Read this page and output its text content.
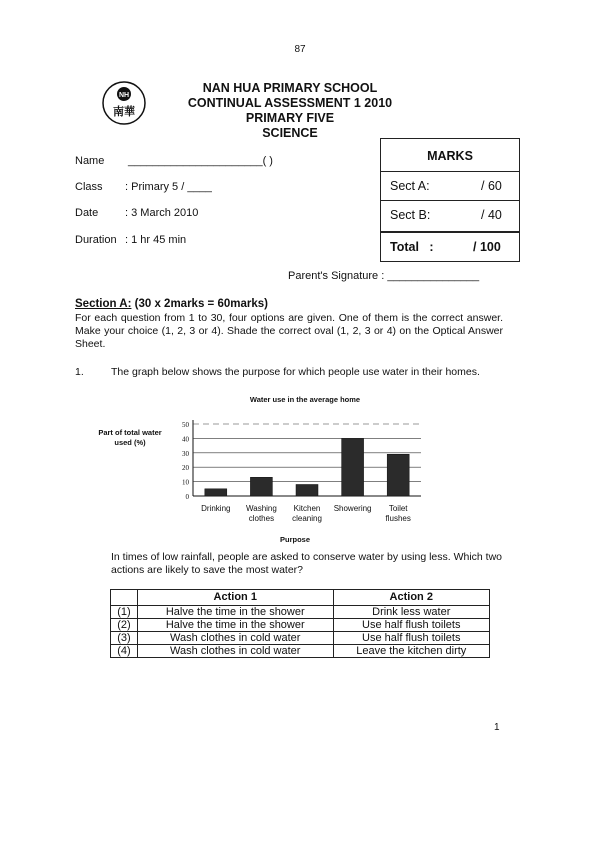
87
NH
南華
NAN HUA PRIMARY SCHOOL
CONTINUAL ASSESSMENT 1 2010
PRIMARY FIVE
SCIENCE
Name ______________________( )
Class : Primary 5 / ____
Date : 3 March 2010
Duration : 1 hr 45 min
MARKS
Sect A:	/ 60
Sect B:	/ 40
Total   :	/ 100
Parent's Signature : _______________
Section A: (30 x 2marks = 60marks)
For each question from 1 to 30, four options are given. One of them is the correct answer. Make your choice (1, 2, 3 or 4). Shade the correct oval (1, 2, 3 or 4) on the Optical Answer Sheet.
1.	The graph below shows the purpose for which people use water in their homes.
Water use in the average home
Part of total water used (%)
0
10
20
30
40
50
Drinking Washing
clothes
Kitchen
cleaning
Showering Toilet
flushes
Purpose
In times of low rainfall, people are asked to conserve water by using less. Which two actions are likely to save the most water?
	Action 1	Action 2
(1)	Halve the time in the shower	Drink less water
(2)	Halve the time in the shower	Use half flush toilets
(3)	Wash clothes in cold water	Use half flush toilets
(4)	Wash clothes in cold water	Leave the kitchen dirty
1
